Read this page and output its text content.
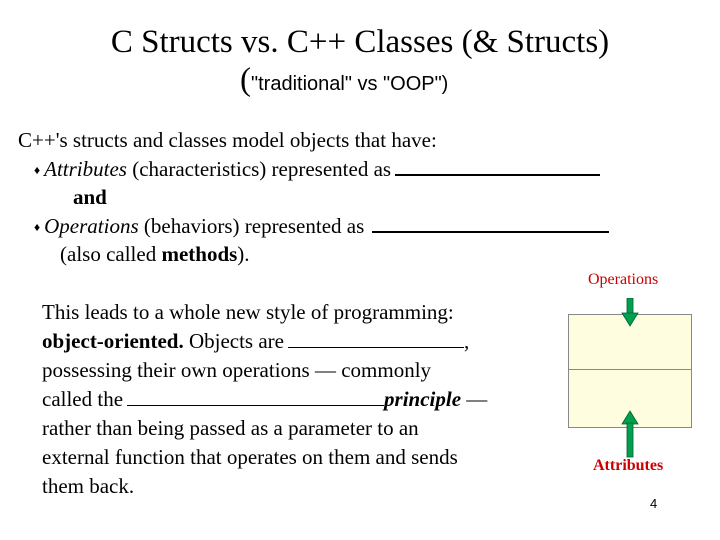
C Structs vs. C++ Classes (& Structs)
("traditional" vs "OOP")
C++'s structs and classes model objects that have:
♦ Attributes (characteristics) represented as
and
♦ Operations (behaviors) represented as
(also called methods).
This leads to a whole new style of programming:
object-oriented. Objects are	,
possessing their own operations — commonly
called the	principle —
rather than being passed as a parameter to an
external function that operates on them and sends
them back.
Operations
Attributes
4
